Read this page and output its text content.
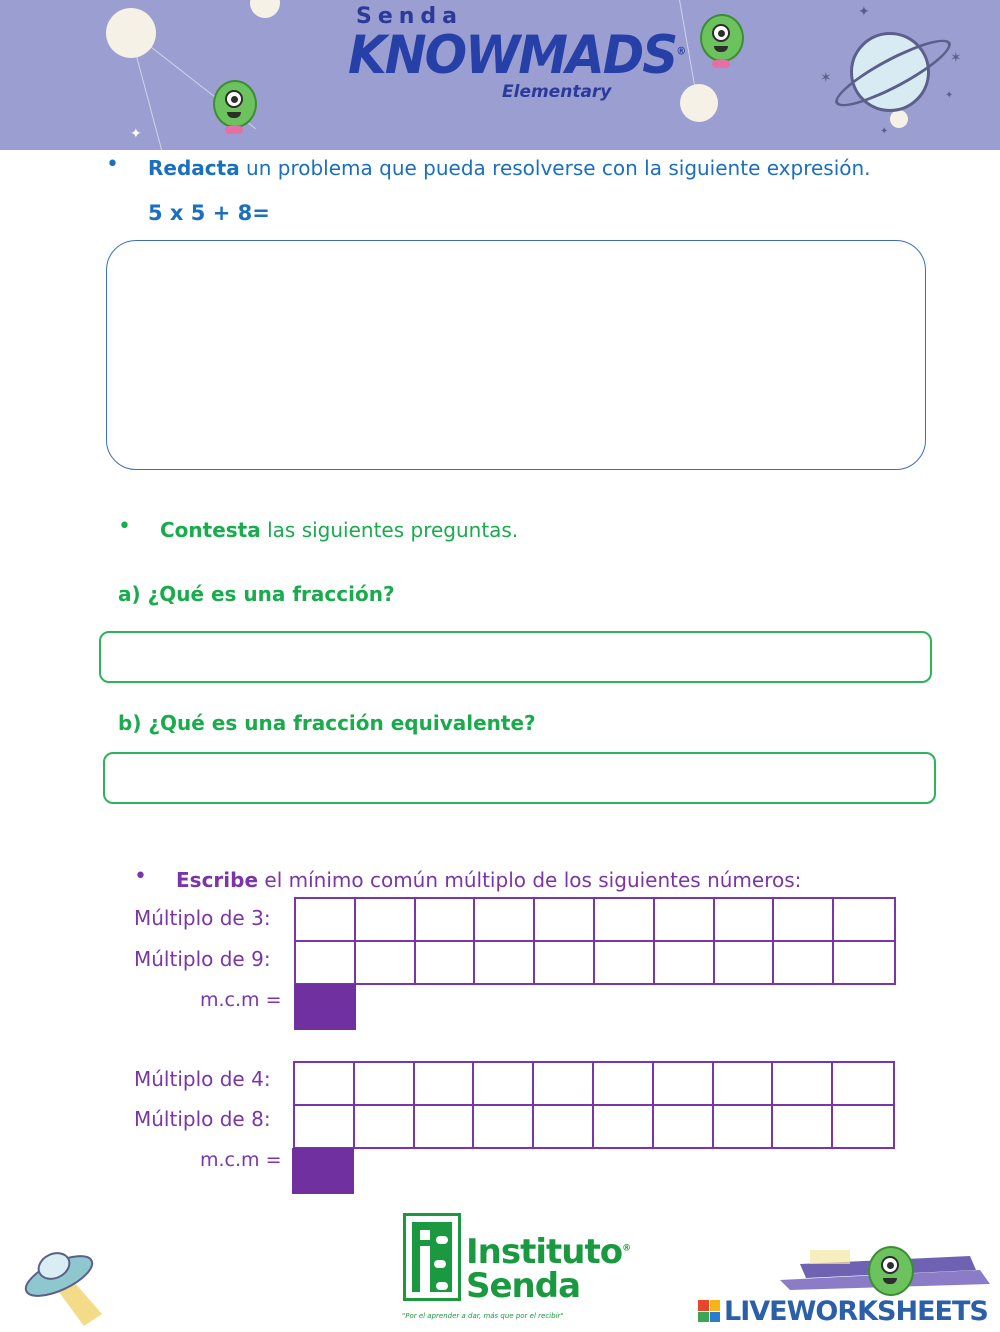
✦
✦
✶
✶
✦
✦
Senda
KNOWMADS®
Elementary
• Redacta un problema que pueda resolverse con la siguiente expresión.
5 x 5 + 8=
• Contesta las siguientes preguntas.
a) ¿Qué es una fracción?
b) ¿Qué es una fracción equivalente?
• Escribe el mínimo común múltiplo de los siguientes números:
Múltiplo de 3:
Múltiplo de 9:
m.c.m =
Múltiplo de 4:
Múltiplo de 8:
m.c.m =
Instituto®
Senda
"Por el aprender a dar, más que por el recibir"	LIVEWORKSHEETS
